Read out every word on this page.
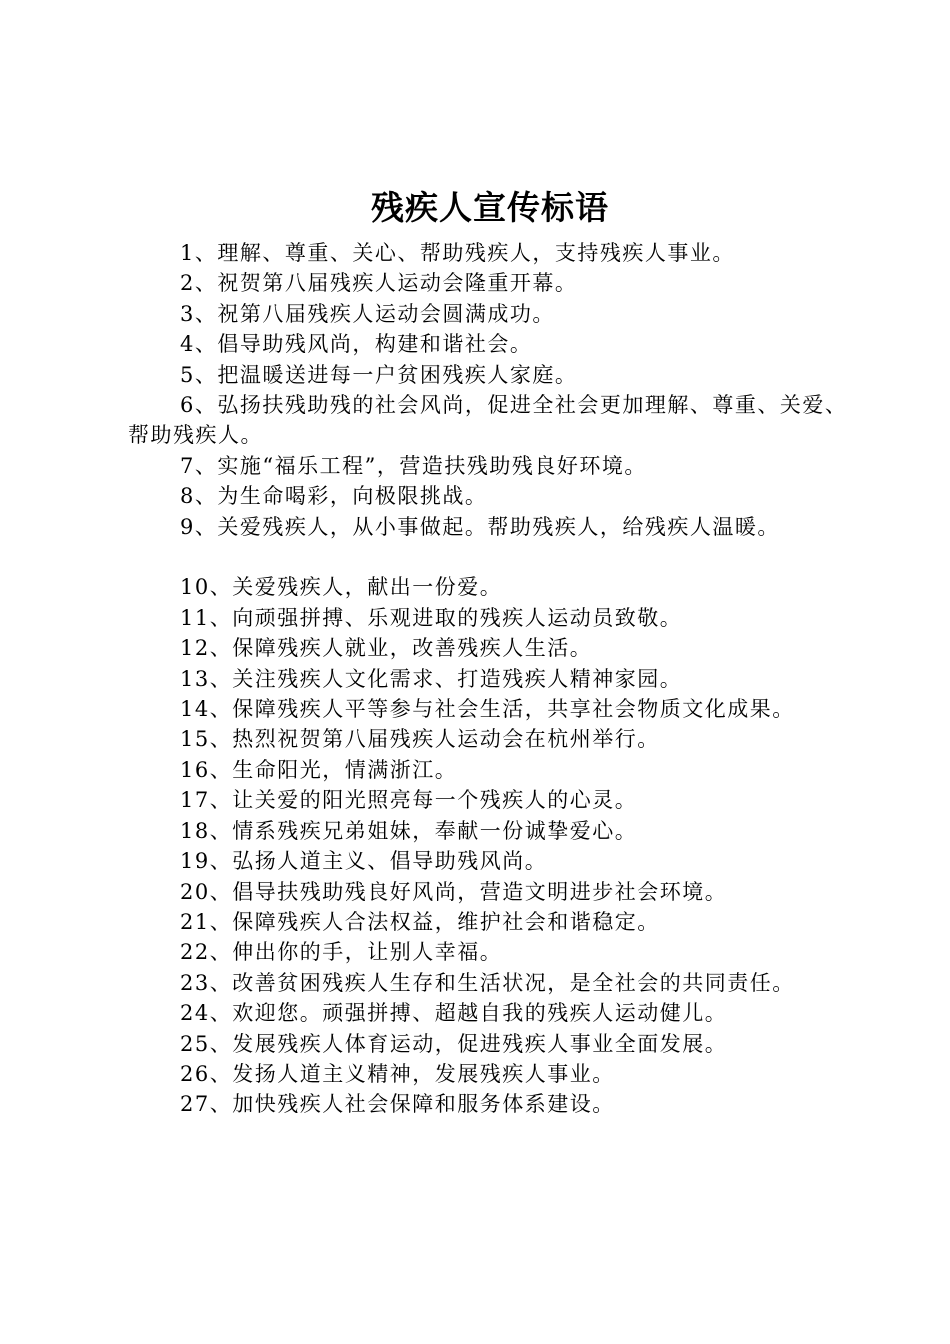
残疾人宣传标语
1、理解、尊重、关心、帮助残疾人，支持残疾人事业。
2、祝贺第八届残疾人运动会隆重开幕。
3、祝第八届残疾人运动会圆满成功。
4、倡导助残风尚，构建和谐社会。
5、把温暖送进每一户贫困残疾人家庭。
6、弘扬扶残助残的社会风尚，促进全社会更加理解、尊重、关爱、帮助残疾人。
7、实施“福乐工程”，营造扶残助残良好环境。
8、为生命喝彩，向极限挑战。
9、关爱残疾人，从小事做起。帮助残疾人，给残疾人温暖。
10、关爱残疾人，献出一份爱。
11、向顽强拼搏、乐观进取的残疾人运动员致敬。
12、保障残疾人就业，改善残疾人生活。
13、关注残疾人文化需求、打造残疾人精神家园。
14、保障残疾人平等参与社会生活，共享社会物质文化成果。
15、热烈祝贺第八届残疾人运动会在杭州举行。
16、生命阳光，情满浙江。
17、让关爱的阳光照亮每一个残疾人的心灵。
18、情系残疾兄弟姐妹，奉献一份诚挚爱心。
19、弘扬人道主义、倡导助残风尚。
20、倡导扶残助残良好风尚，营造文明进步社会环境。
21、保障残疾人合法权益，维护社会和谐稳定。
22、伸出你的手，让别人幸福。
23、改善贫困残疾人生存和生活状况，是全社会的共同责任。
24、欢迎您。顽强拼搏、超越自我的残疾人运动健儿。
25、发展残疾人体育运动，促进残疾人事业全面发展。
26、发扬人道主义精神，发展残疾人事业。
27、加快残疾人社会保障和服务体系建设。
